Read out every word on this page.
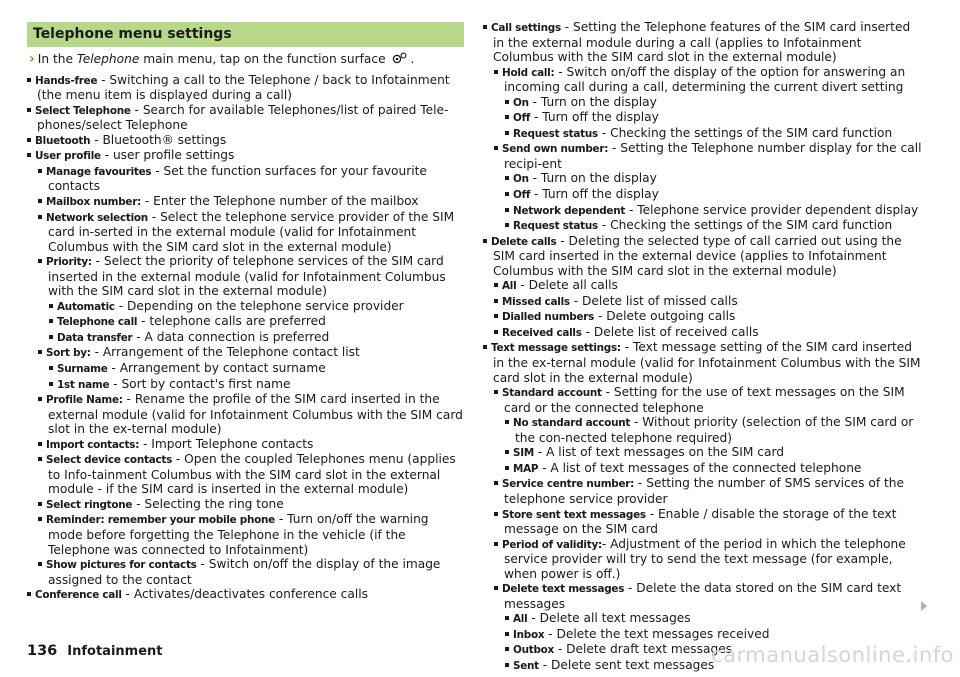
Telephone menu settings
› In the Telephone main menu, tap on the function surface .
Hands-free - Switching a call to the Telephone / back to Infotainment (the menu item is displayed during a call)
Select Telephone - Search for available Telephones/list of paired Tele-phones/select Telephone
Bluetooth - Bluetooth® settings
User profile - user profile settings
Manage favourites - Set the function surfaces for your favourite contacts
Mailbox number: - Enter the Telephone number of the mailbox
Network selection - Select the telephone service provider of the SIM card in-serted in the external module (valid for Infotainment Columbus with the SIM card slot in the external module)
Priority: - Select the priority of telephone services of the SIM card inserted in the external module (valid for Infotainment Columbus with the SIM card slot in the external module)
Automatic - Depending on the telephone service provider
Telephone call - telephone calls are preferred
Data transfer - A data connection is preferred
Sort by: - Arrangement of the Telephone contact list
Surname - Arrangement by contact surname
1st name - Sort by contact's first name
Profile Name: - Rename the profile of the SIM card inserted in the external module (valid for Infotainment Columbus with the SIM card slot in the ex-ternal module)
Import contacts: - Import Telephone contacts
Select device contacts - Open the coupled Telephones menu (applies to Info-tainment Columbus with the SIM card slot in the external module - if the SIM card is inserted in the external module)
Select ringtone - Selecting the ring tone
Reminder: remember your mobile phone - Turn on/off the warning mode before forgetting the Telephone in the vehicle (if the Telephone was connected to Infotainment)
Show pictures for contacts - Switch on/off the display of the image assigned to the contact
Conference call - Activates/deactivates conference calls
Call settings - Setting the Telephone features of the SIM card inserted in the external module during a call (applies to Infotainment Columbus with the SIM card slot in the external module)
Hold call: - Switch on/off the display of the option for answering an incoming call during a call, determining the current divert setting
On - Turn on the display
Off - Turn off the display
Request status - Checking the settings of the SIM card function
Send own number: - Setting the Telephone number display for the call recipi-ent
On - Turn on the display
Off - Turn off the display
Network dependent - Telephone service provider dependent display
Request status - Checking the settings of the SIM card function
Delete calls - Deleting the selected type of call carried out using the SIM card inserted in the external device (applies to Infotainment Columbus with the SIM card slot in the external module)
All - Delete all calls
Missed calls - Delete list of missed calls
Dialled numbers - Delete outgoing calls
Received calls - Delete list of received calls
Text message settings: - Text message setting of the SIM card inserted in the ex-ternal module (valid for Infotainment Columbus with the SIM card slot in the external module)
Standard account - Setting for the use of text messages on the SIM card or the connected telephone
No standard account - Without priority (selection of the SIM card or the con-nected telephone required)
SIM - A list of text messages on the SIM card
MAP - A list of text messages of the connected telephone
Service centre number: - Setting the number of SMS services of the telephone service provider
Store sent text messages - Enable / disable the storage of the text message on the SIM card
Period of validity:- Adjustment of the period in which the telephone service provider will try to send the text message (for example, when power is off.)
Delete text messages - Delete the data stored on the SIM card text messages
All - Delete all text messages
Inbox - Delete the text messages received
Outbox - Delete draft text messages
Sent - Delete sent text messages
136 Infotainment	carmanualsonline.info
